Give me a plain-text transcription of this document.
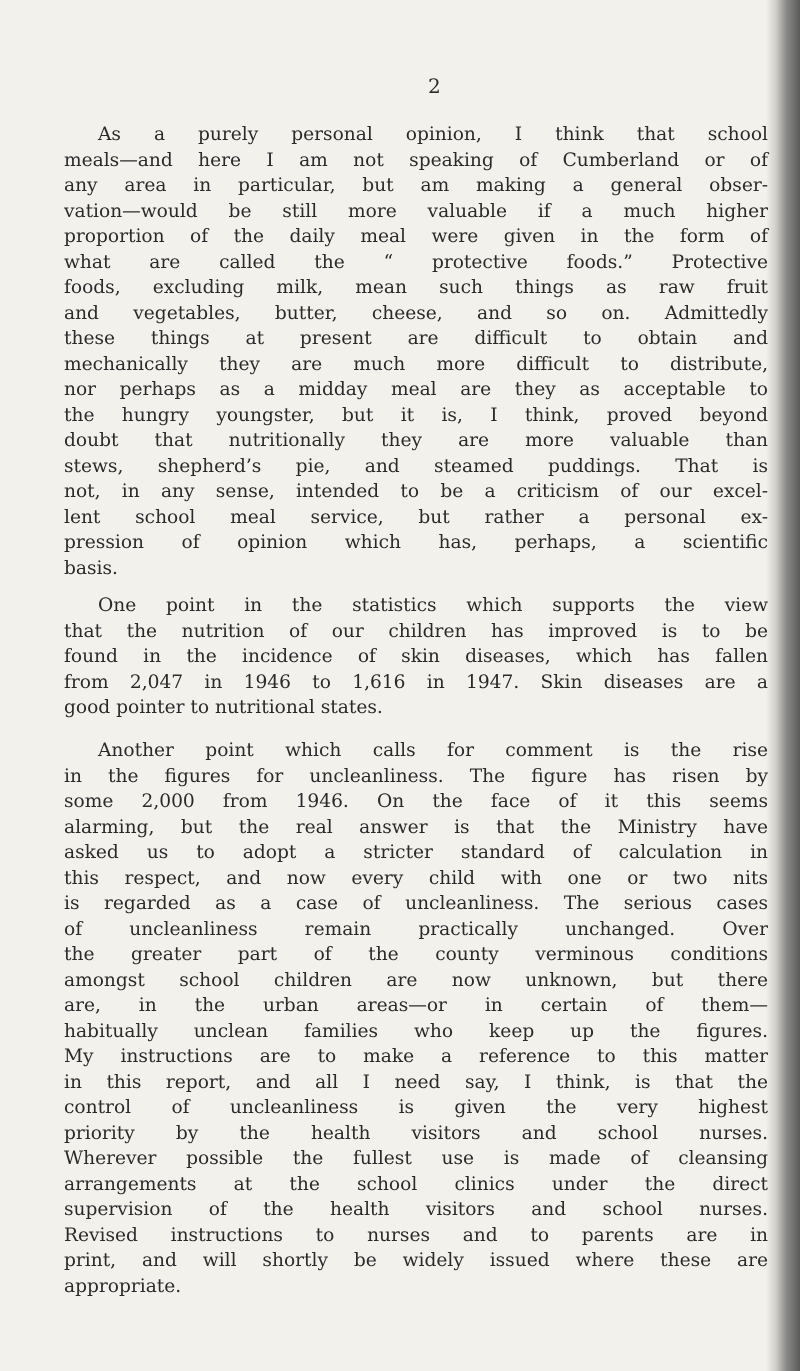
2
As a purely personal opinion, I think that school
meals—and here I am not speaking of Cumberland or of
any area in particular, but am making a general obser-
vation—would be still more valuable if a much higher
proportion of the daily meal were given in the form of
what are called the “ protective foods.” Protective
foods, excluding milk, mean such things as raw fruit
and vegetables, butter, cheese, and so on. Admittedly
these things at present are difficult to obtain and
mechanically they are much more difficult to distribute,
nor perhaps as a midday meal are they as acceptable to
the hungry youngster, but it is, I think, proved beyond
doubt that nutritionally they are more valuable than
stews, shepherd’s pie, and steamed puddings. That is
not, in any sense, intended to be a criticism of our excel-
lent school meal service, but rather a personal ex-
pression of opinion which has, perhaps, a scientific
basis.
One point in the statistics which supports the view
that the nutrition of our children has improved is to be
found in the incidence of skin diseases, which has fallen
from 2,047 in 1946 to 1,616 in 1947. Skin diseases are a
good pointer to nutritional states.
Another point which calls for comment is the rise
in the figures for uncleanliness. The figure has risen by
some 2,000 from 1946. On the face of it this seems
alarming, but the real answer is that the Ministry have
asked us to adopt a stricter standard of calculation in
this respect, and now every child with one or two nits
is regarded as a case of uncleanliness. The serious cases
of uncleanliness remain practically unchanged. Over
the greater part of the county verminous conditions
amongst school children are now unknown, but there
are, in the urban areas—or in certain of them—
habitually unclean families who keep up the figures.
My instructions are to make a reference to this matter
in this report, and all I need say, I think, is that the
control of uncleanliness is given the very highest
priority by the health visitors and school nurses.
Wherever possible the fullest use is made of cleansing
arrangements at the school clinics under the direct
supervision of the health visitors and school nurses.
Revised instructions to nurses and to parents are in
print, and will shortly be widely issued where these are
appropriate.
